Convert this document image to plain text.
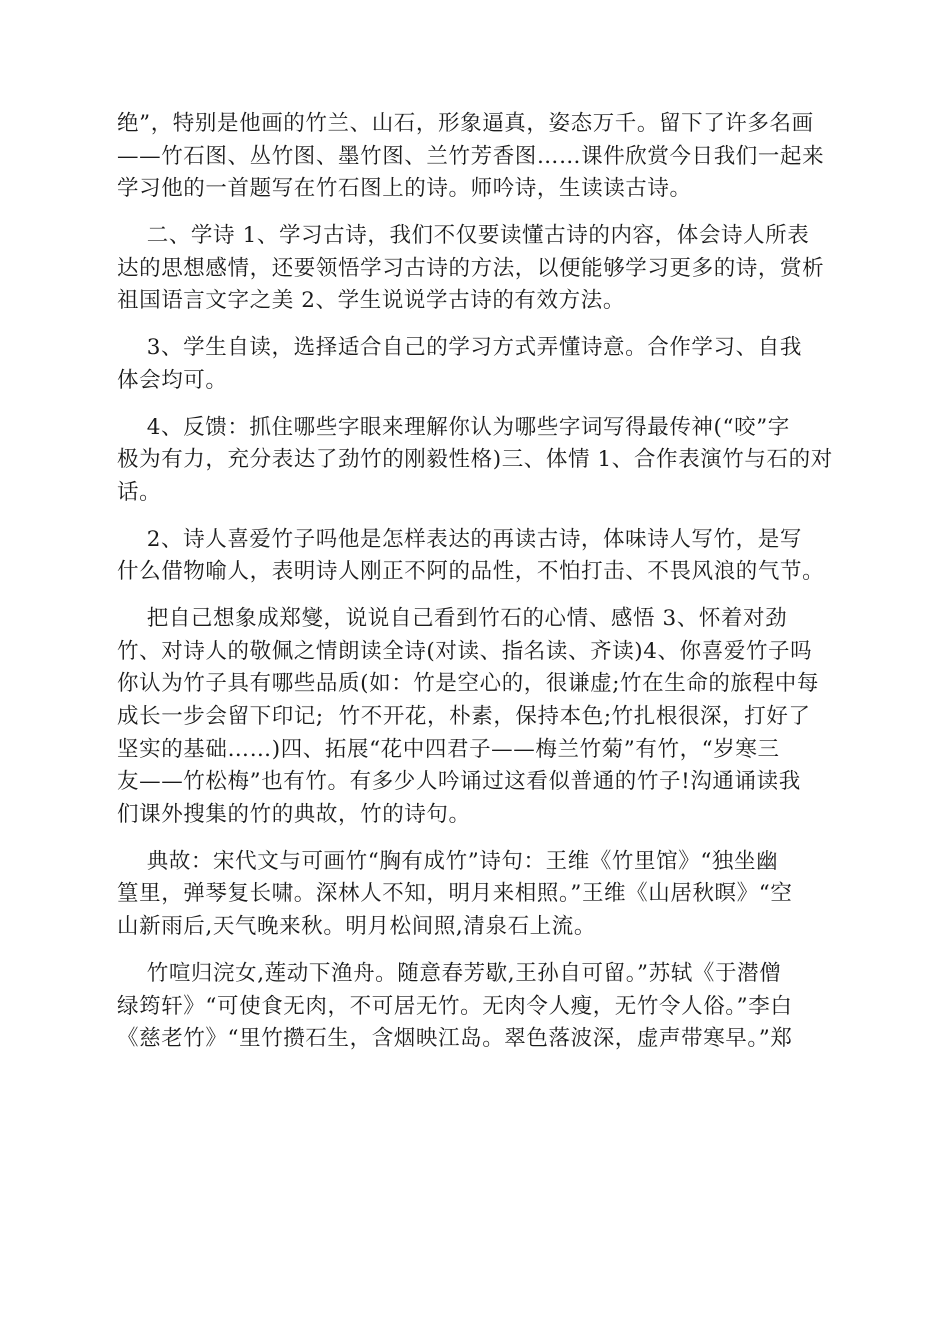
绝”，特别是他画的竹兰、山石，形象逼真，姿态万千。留下了许多名画
——竹石图、丛竹图、墨竹图、兰竹芳香图……课件欣赏今日我们一起来
学习他的一首题写在竹石图上的诗。师吟诗，生读读古诗。

二、学诗 1、学习古诗，我们不仅要读懂古诗的内容，体会诗人所表
达的思想感情，还要领悟学习古诗的方法，以便能够学习更多的诗，赏析
祖国语言文字之美 2、学生说说学古诗的有效方法。

3、学生自读，选择适合自己的学习方式弄懂诗意。合作学习、自我
体会均可。

4、反馈：抓住哪些字眼来理解你认为哪些字词写得最传神(“咬”字
极为有力，充分表达了劲竹的刚毅性格)三、体情 1、合作表演竹与石的对
话。

2、诗人喜爱竹子吗他是怎样表达的再读古诗，体味诗人写竹，是写
什么借物喻人，表明诗人刚正不阿的品性，不怕打击、不畏风浪的气节。

把自己想象成郑燮，说说自己看到竹石的心情、感悟 3、怀着对劲
竹、对诗人的敬佩之情朗读全诗(对读、指名读、齐读)4、你喜爱竹子吗
你认为竹子具有哪些品质(如：竹是空心的，很谦虚;竹在生命的旅程中每
成长一步会留下印记;  竹不开花，朴素，保持本色;竹扎根很深，打好了
坚实的基础……)四、拓展“花中四君子——梅兰竹菊”有竹，“岁寒三
友——竹松梅”也有竹。有多少人吟诵过这看似普通的竹子!沟通诵读我
们课外搜集的竹的典故，竹的诗句。

典故：宋代文与可画竹“胸有成竹”诗句：王维《竹里馆》“独坐幽
篁里，弹琴复长啸。深林人不知，明月来相照。”王维《山居秋暝》“空
山新雨后,天气晚来秋。明月松间照,清泉石上流。

竹喧归浣女,莲动下渔舟。随意春芳歇,王孙自可留。”苏轼《于潜僧
绿筠轩》“可使食无肉，不可居无竹。无肉令人瘦，无竹令人俗。”李白
《慈老竹》“里竹攒石生，含烟映江岛。翠色落波深，虚声带寒早。”郑
